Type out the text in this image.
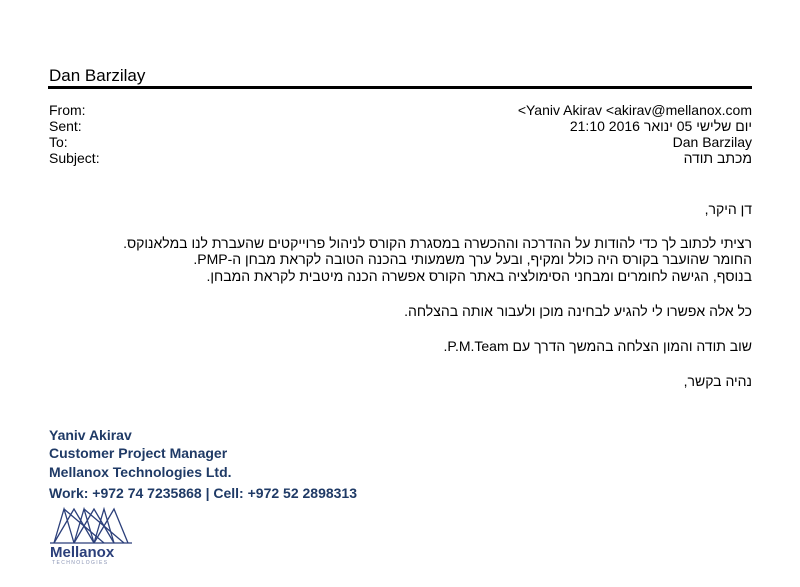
Dan Barzilay
From:	<Yaniv Akirav <akirav@mellanox.com
Sent:	יום שלישי 05 ינואר 2016 21:10
To:	Dan Barzilay
Subject:	מכתב תודה
דן היקר,
רציתי לכתוב לך כדי להודות על ההדרכה וההכשרה במסגרת הקורס לניהול פרוייקטים שהעברת לנו במלאנוקס.
החומר שהועבר בקורס היה כולל ומקיף, ובעל ערך משמעותי בהכנה הטובה לקראת מבחן ה-PMP.
בנוסף, הגישה לחומרים ומבחני הסימולציה באתר הקורס אפשרה הכנה מיטבית לקראת המבחן.
כל אלה אפשרו לי להגיע לבחינה מוכן ולעבור אותה בהצלחה.
שוב תודה והמון הצלחה בהמשך הדרך עם P.M.Team.
נהיה בקשר,
Yaniv Akirav
Customer Project Manager
Mellanox Technologies Ltd.
Work: +972 74 7235868 | Cell: +972 52 2898313
Mellanox
TECHNOLOGIES
